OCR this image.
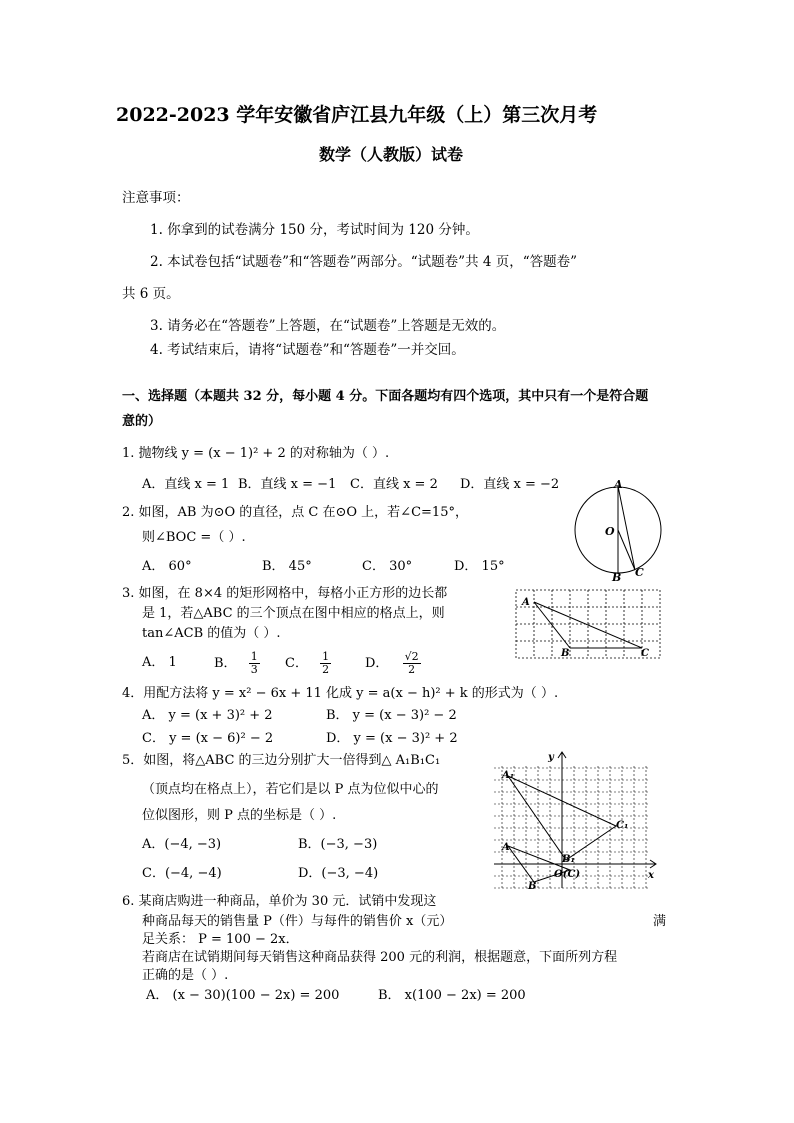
2022-2023 学年安徽省庐江县九年级（上）第三次月考
数学（人教版）试卷
注意事项：
1. 你拿到的试卷满分 150 分，考试时间为 120 分钟。
2. 本试卷包括“试题卷”和“答题卷”两部分。“试题卷”共 4 页，“答题卷”
共 6 页。
3. 请务必在“答题卷”上答题，在“试题卷”上答题是无效的。
4. 考试结束后，请将“试题卷”和“答题卷”一并交回。
一、选择题（本题共 32 分，每小题 4 分。下面各题均有四个选项，其中只有一个是符合题
意的）
1. 抛物线 y = (x − 1)² + 2 的对称轴为（ ）.
A．直线 x = 1 B．直线 x = −1 C．直线 x = 2 D．直线 x = −2
2. 如图，AB 为⊙O 的直径，点 C 在⊙O 上，若∠C=15°，
则∠BOC =（ ）.
A． 60°	B． 45°	C． 30°	D． 15°
A
O
B C
3. 如图，在 8×4 的矩形网格中，每格小正方形的边长都
是 1，若△ABC 的三个顶点在图中相应的格点上，则
tan∠ACB 的值为（ ）.
A． 1	B． $\frac{1}{3}$ C． $\frac{1}{2}$	D． $\frac{√2}{2}$
A
B	C
4．用配方法将 y = x² − 6x + 11 化成 y = a(x − h)² + k 的形式为（ ）.
A． y = (x + 3)² + 2	B． y = (x − 3)² − 2
C． y = (x − 6)² − 2	D． y = (x − 3)² + 2
5．如图，将△ABC 的三边分别扩大一倍得到△ A₁B₁C₁
（顶点均在格点上），若它们是以 P 点为位似中心的
位似图形，则 P 点的坐标是（ ）.
A．(−4, −3)	B．(−3, −3)
C．(−4, −4)	D．(−3, −4)
y
x
A₁
C₁
A
B₁
B
O(C)
6. 某商店购进一种商品，单价为 30 元．试销中发现这
种商品每天的销售量 P（件）与每件的销售价 x（元）	满
足关系： P = 100 − 2x．
若商店在试销期间每天销售这种商品获得 200 元的利润，根据题意，下面所列方程
正确的是（ ）.
A． (x − 30)(100 − 2x) = 200	B． x(100 − 2x) = 200
